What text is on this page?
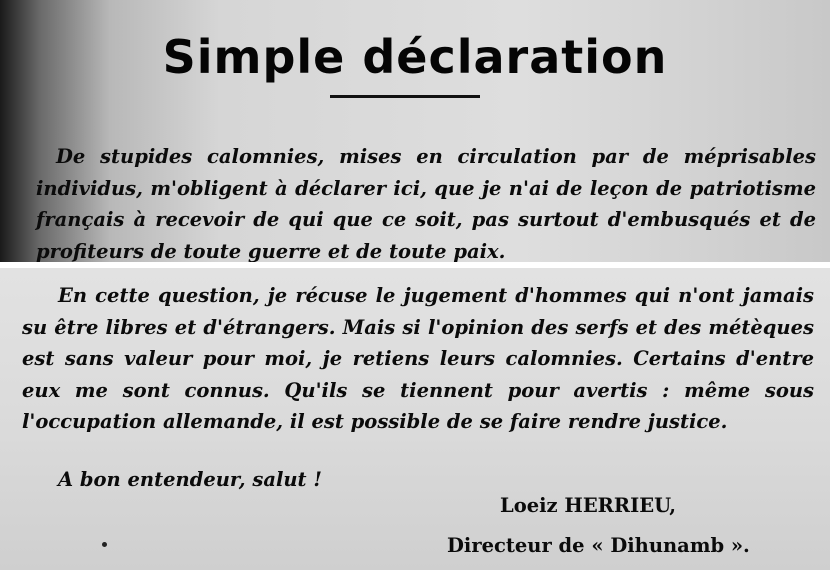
Simple déclaration

De stupides calomnies, mises en circulation par de méprisables individus, m'obligent à déclarer ici, que je n'ai de leçon de patriotisme français à recevoir de qui que ce soit, pas surtout d'embusqués et de profiteurs de toute guerre et de toute paix.

En cette question, je récuse le jugement d'hommes qui n'ont jamais su être libres et d'étrangers. Mais si l'opinion des serfs et des métèques est sans valeur pour moi, je retiens leurs calomnies. Certains d'entre eux me sont connus. Qu'ils se tiennent pour avertis : même sous l'occupation allemande, il est possible de se faire rendre justice.

A bon entendeur, salut !

Loeiz HERRIEU,

Directeur de « Dihunamb ».
